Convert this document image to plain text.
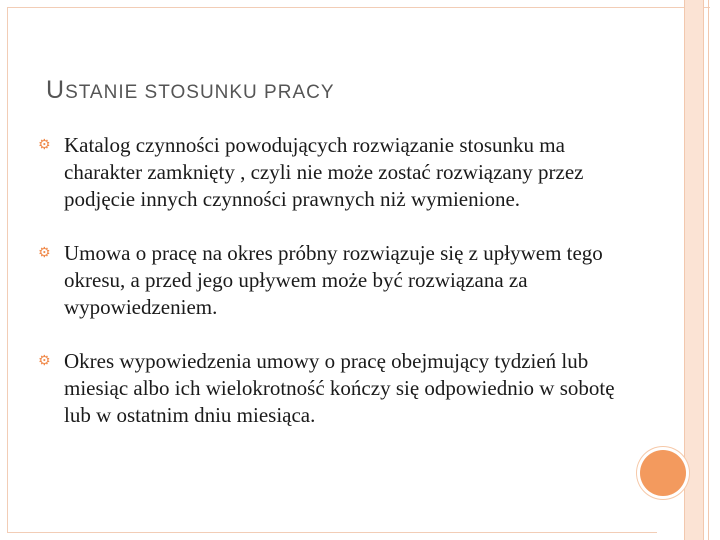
USTANIE STOSUNKU PRACY
⚙ Katalog czynności powodujących rozwiązanie stosunku ma charakter zamknięty , czyli nie może zostać rozwiązany przez podjęcie innych czynności prawnych niż wymienione.
⚙ Umowa o pracę na okres próbny rozwiązuje się z upływem tego okresu, a przed jego upływem może być rozwiązana za wypowiedzeniem.
⚙ Okres wypowiedzenia umowy o pracę obejmujący tydzień lub miesiąc albo ich wielokrotność kończy się odpowiednio w sobotę lub w ostatnim dniu miesiąca.
